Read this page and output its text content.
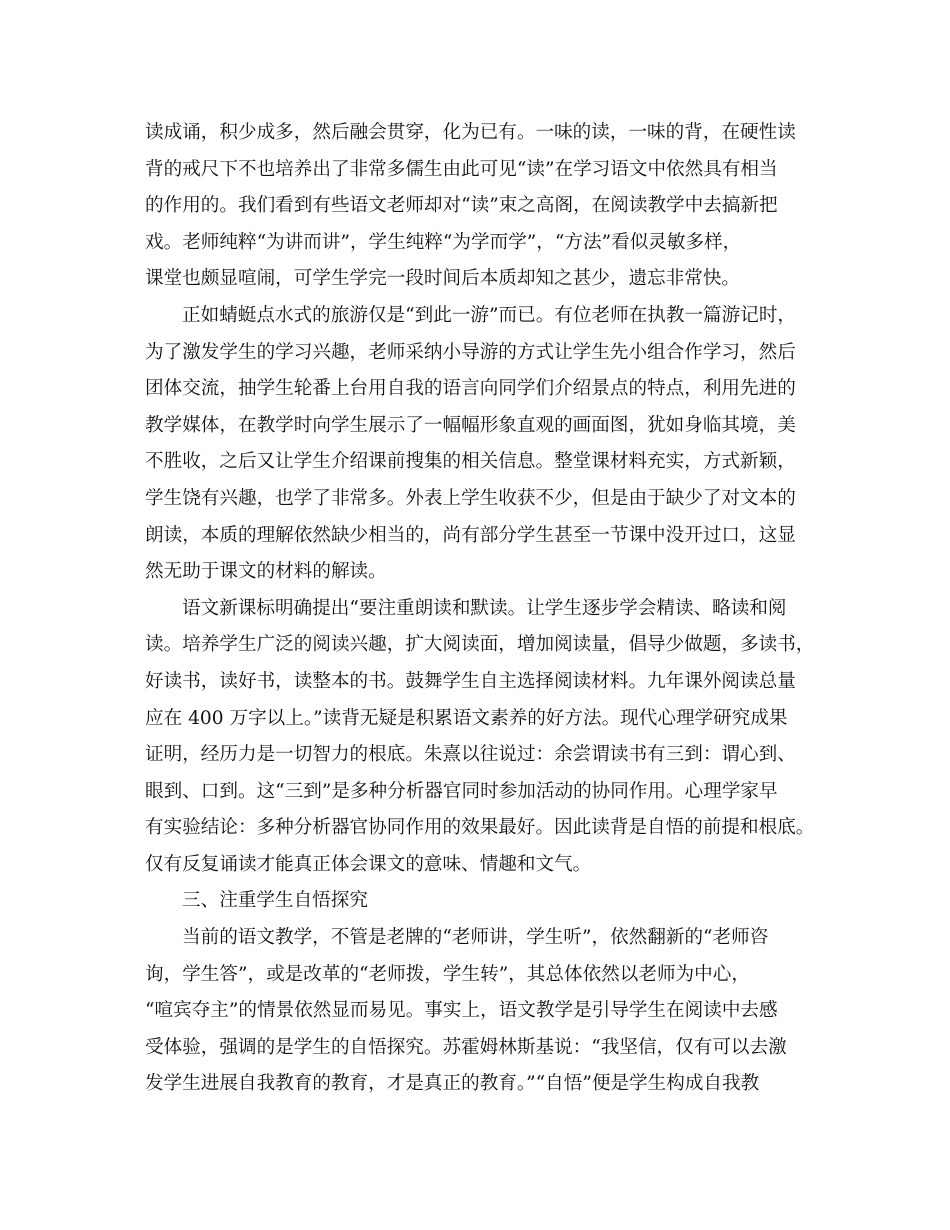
读成诵，积少成多，然后融会贯穿，化为已有。一味的读，一味的背，在硬性读
背的戒尺下不也培养出了非常多儒生由此可见“读”在学习语文中依然具有相当
的作用的。我们看到有些语文老师却对“读”束之高阁，在阅读教学中去搞新把
戏。老师纯粹“为讲而讲”，学生纯粹“为学而学”，“方法”看似灵敏多样，
课堂也颇显喧闹，可学生学完一段时间后本质却知之甚少，遗忘非常快。
正如蜻蜓点水式的旅游仅是“到此一游”而已。有位老师在执教一篇游记时，
为了激发学生的学习兴趣，老师采纳小导游的方式让学生先小组合作学习，然后
团体交流，抽学生轮番上台用自我的语言向同学们介绍景点的特点，利用先进的
教学媒体，在教学时向学生展示了一幅幅形象直观的画面图，犹如身临其境，美
不胜收，之后又让学生介绍课前搜集的相关信息。整堂课材料充实，方式新颖，
学生饶有兴趣，也学了非常多。外表上学生收获不少，但是由于缺少了对文本的
朗读，本质的理解依然缺少相当的，尚有部分学生甚至一节课中没开过口，这显
然无助于课文的材料的解读。
语文新课标明确提出“要注重朗读和默读。让学生逐步学会精读、略读和阅
读。培养学生广泛的阅读兴趣，扩大阅读面，增加阅读量，倡导少做题，多读书，
好读书，读好书，读整本的书。鼓舞学生自主选择阅读材料。九年课外阅读总量
应在 400 万字以上。”读背无疑是积累语文素养的好方法。现代心理学研究成果
证明，经历力是一切智力的根底。朱熹以往说过：余尝谓读书有三到：谓心到、
眼到、口到。这“三到”是多种分析器官同时参加活动的协同作用。心理学家早
有实验结论：多种分析器官协同作用的效果最好。因此读背是自悟的前提和根底。
仅有反复诵读才能真正体会课文的意味、情趣和文气。
三、注重学生自悟探究
当前的语文教学，不管是老牌的“老师讲，学生听”，依然翻新的“老师咨
询，学生答”，或是改革的“老师拨，学生转”，其总体依然以老师为中心，
“喧宾夺主”的情景依然显而易见。事实上，语文教学是引导学生在阅读中去感
受体验，强调的是学生的自悟探究。苏霍姆林斯基说：“我坚信，仅有可以去激
发学生进展自我教育的教育，才是真正的教育。”“自悟”便是学生构成自我教
